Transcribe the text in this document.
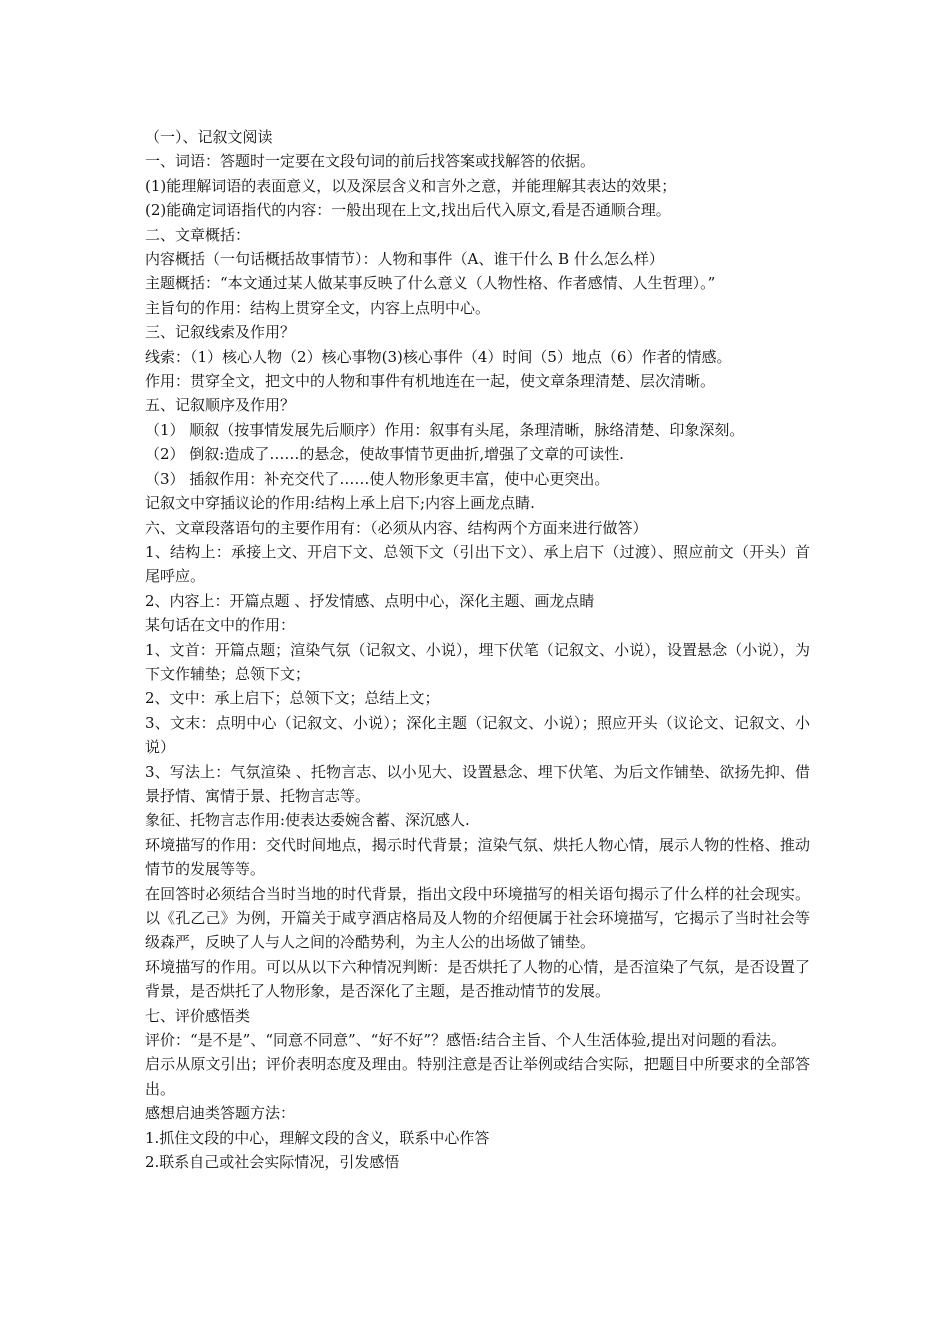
（一）、记叙文阅读

一、词语：答题时一定要在文段句词的前后找答案或找解答的依据。

(1)能理解词语的表面意义，以及深层含义和言外之意，并能理解其表达的效果；

(2)能确定词语指代的内容：一般出现在上文,找出后代入原文,看是否通顺合理。

二、文章概括：

内容概括（一句话概括故事情节）：人物和事件（A、谁干什么 B 什么怎么样）

主题概括：“本文通过某人做某事反映了什么意义（人物性格、作者感情、人生哲理）。”

主旨句的作用：结构上贯穿全文，内容上点明中心。

三、记叙线索及作用？

线索：（1）核心人物（2）核心事物(3)核心事件（4）时间（5）地点（6）作者的情感。

作用：贯穿全文，把文中的人物和事件有机地连在一起，使文章条理清楚、层次清晰。

五、记叙顺序及作用？

（1） 顺叙（按事情发展先后顺序）作用：叙事有头尾，条理清晰，脉络清楚、印象深刻。

（2） 倒叙:造成了……的悬念，使故事情节更曲折,增强了文章的可读性.

（3） 插叙作用：补充交代了……使人物形象更丰富，使中心更突出。

记叙文中穿插议论的作用:结构上承上启下;内容上画龙点睛.

六、文章段落语句的主要作用有：（必须从内容、结构两个方面来进行做答）

1、结构上：承接上文、开启下文、总领下文（引出下文）、承上启下（过渡）、照应前文（开头）首尾呼应。

2、内容上：开篇点题 、抒发情感、点明中心，深化主题、画龙点睛

某句话在文中的作用：

1、文首：开篇点题；渲染气氛（记叙文、小说），埋下伏笔（记叙文、小说），设置悬念（小说），为下文作辅垫；总领下文；

2、文中：承上启下；总领下文；总结上文；

3、文末：点明中心（记叙文、小说）；深化主题（记叙文、小说）；照应开头（议论文、记叙文、小说）

3、写法上：气氛渲染 、托物言志、以小见大、设置悬念、埋下伏笔、为后文作铺垫、欲扬先抑、借景抒情、寓情于景、托物言志等。

象征、托物言志作用:使表达委婉含蓄、深沉感人.

环境描写的作用：交代时间地点，揭示时代背景；渲染气氛、烘托人物心情，展示人物的性格、推动情节的发展等等。

在回答时必须结合当时当地的时代背景，指出文段中环境描写的相关语句揭示了什么样的社会现实。以《孔乙己》为例，开篇关于咸亨酒店格局及人物的介绍便属于社会环境描写，它揭示了当时社会等级森严，反映了人与人之间的冷酷势利，为主人公的出场做了铺垫。

环境描写的作用。可以从以下六种情况判断：是否烘托了人物的心情，是否渲染了气氛，是否设置了背景，是否烘托了人物形象，是否深化了主题，是否推动情节的发展。

七、评价感悟类

评价：“是不是”、“同意不同意”、“好不好”？感悟:结合主旨、个人生活体验,提出对问题的看法。

启示从原文引出；评价表明态度及理由。特别注意是否让举例或结合实际，把题目中所要求的全部答出。

感想启迪类答题方法：

1.抓住文段的中心，理解文段的含义，联系中心作答

2.联系自己或社会实际情况，引发感悟
